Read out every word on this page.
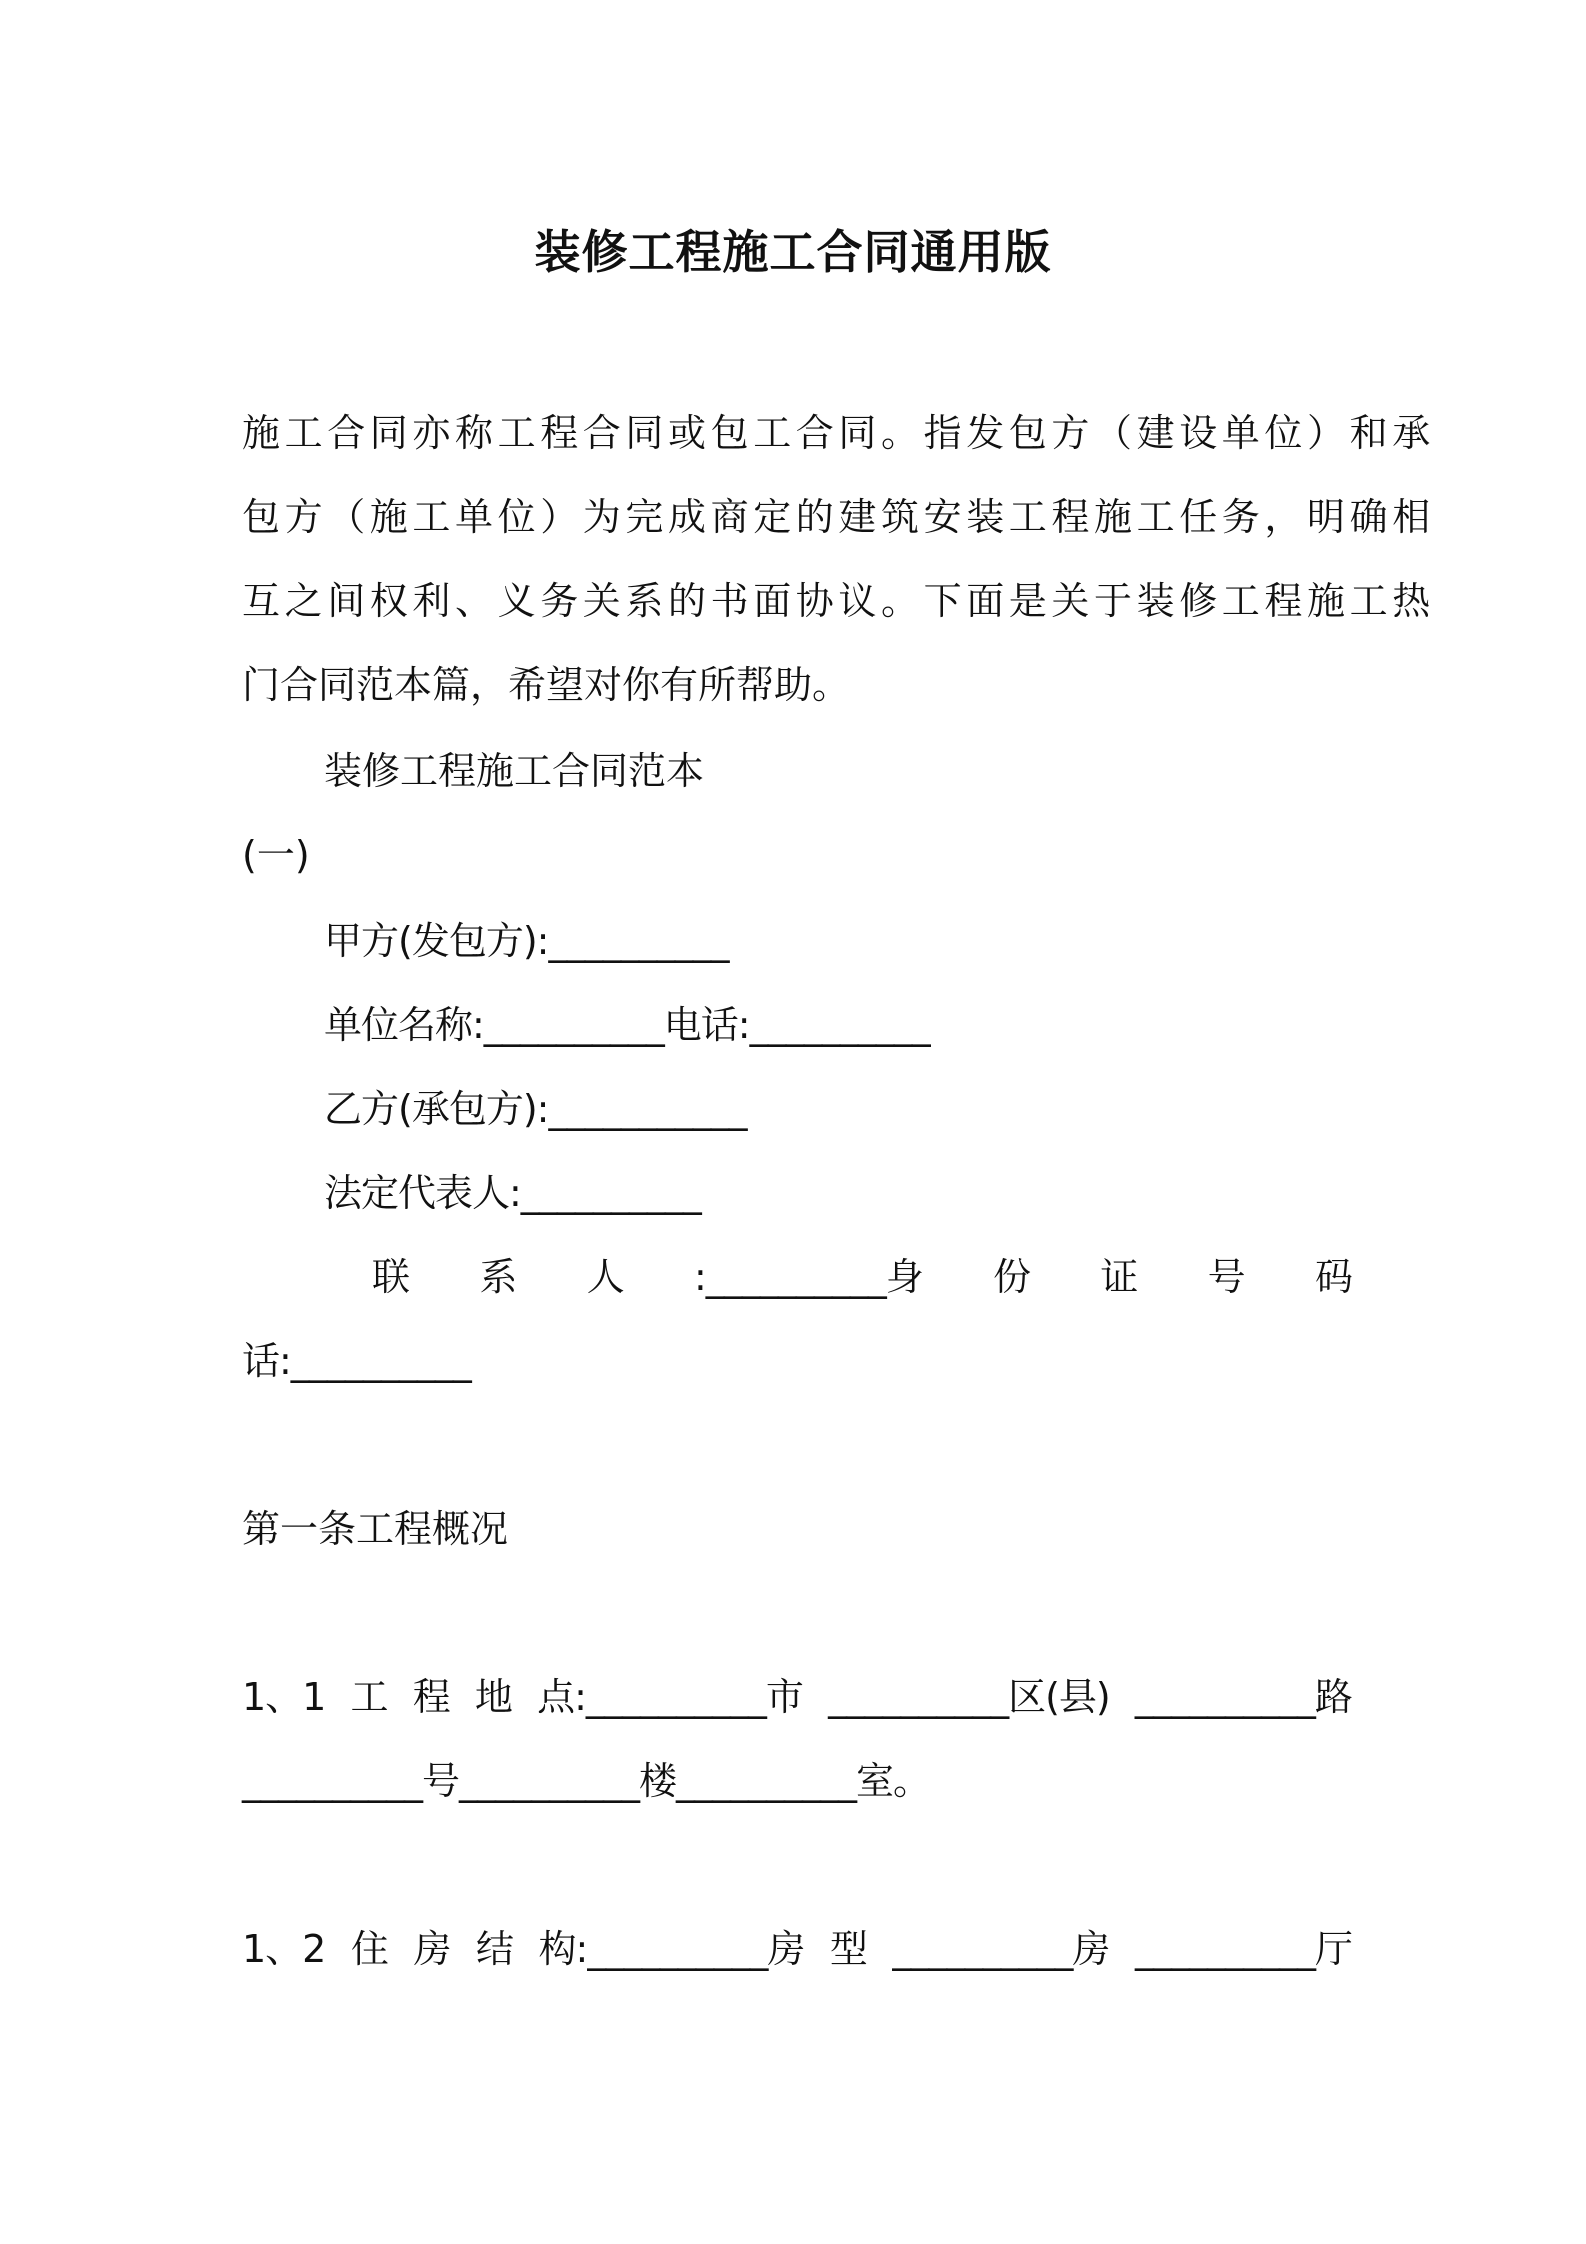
装修工程施工合同通用版
施工合同亦称工程合同或包工合同。指发包方（建设单位）和承
包方（施工单位）为完成商定的建筑安装工程施工任务，明确相
互之间权利、义务关系的书面协议。下面是关于装修工程施工热
门合同范本篇，希望对你有所帮助。
装修工程施工合同范本
(一)
甲方(发包方):__________
单位名称:__________电话:__________
乙方(承包方):___________
法定代表人:__________
联 系 人 :__________身 份 证 号 码
话:__________
第一条工程概况
1、1 工 程 地 点:__________市 __________区(县) __________路
__________号__________楼__________室。
1、2 住 房 结 构:__________房 型 __________房 __________厅
